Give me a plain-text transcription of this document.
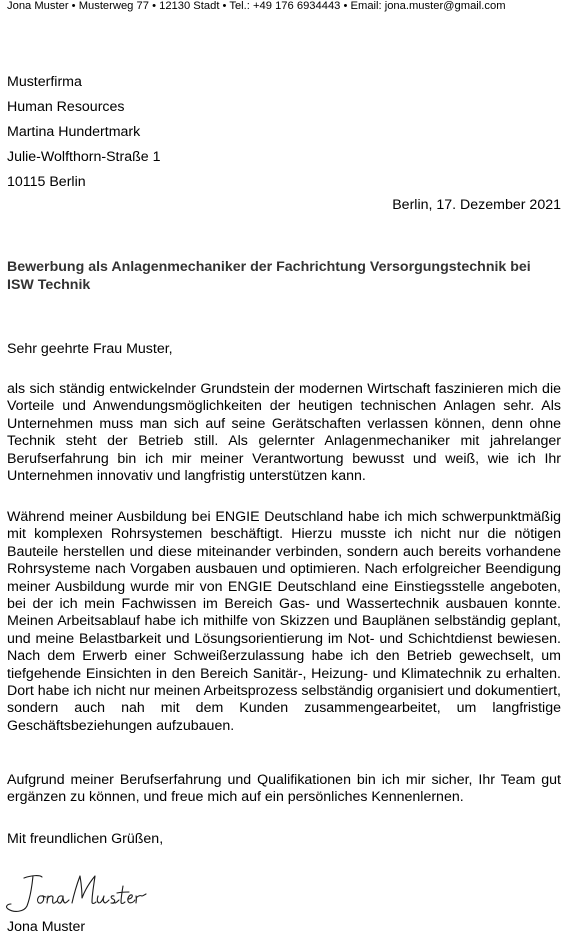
Jona Muster • Musterweg 77 • 12130 Stadt • Tel.: +49 176 6934443 • Email: jona.muster@gmail.com
Musterfirma
Human Resources
Martina Hundertmark
Julie-Wolfthorn-Straße 1
10115 Berlin
Berlin, 17. Dezember 2021
Bewerbung als Anlagenmechaniker der Fachrichtung Versorgungstechnik bei ISW Technik
Sehr geehrte Frau Muster,
als sich ständig entwickelnder Grundstein der modernen Wirtschaft faszinieren mich die Vorteile und Anwendungsmöglichkeiten der heutigen technischen Anlagen sehr. Als Unternehmen muss man sich auf seine Gerätschaften verlassen können, denn ohne Technik steht der Betrieb still. Als gelernter Anlagenmechaniker mit jahrelanger Berufserfahrung bin ich mir meiner Verantwortung bewusst und weiß, wie ich Ihr Unternehmen innovativ und langfristig unterstützen kann.
Während meiner Ausbildung bei ENGIE Deutschland habe ich mich schwerpunktmäßig mit komplexen Rohrsystemen beschäftigt. Hierzu musste ich nicht nur die nötigen Bauteile herstellen und diese miteinander verbinden, sondern auch bereits vorhandene Rohrsysteme nach Vorgaben ausbauen und optimieren. Nach erfolgreicher Beendigung meiner Ausbildung wurde mir von ENGIE Deutschland eine Einstiegsstelle angeboten, bei der ich mein Fachwissen im Bereich Gas- und Wassertechnik ausbauen konnte. Meinen Arbeitsablauf habe ich mithilfe von Skizzen und Bauplänen selbständig geplant, und meine Belastbarkeit und Lösungsorientierung im Not- und Schichtdienst bewiesen. Nach dem Erwerb einer Schweißerzulassung habe ich den Betrieb gewechselt, um tiefgehende Einsichten in den Bereich Sanitär-, Heizung- und Klimatechnik zu erhalten. Dort habe ich nicht nur meinen Arbeitsprozess selbständig organisiert und dokumentiert, sondern auch nah mit dem Kunden zusammengearbeitet, um langfristige Geschäftsbeziehungen aufzubauen.
Aufgrund meiner Berufserfahrung und Qualifikationen bin ich mir sicher, Ihr Team gut ergänzen zu können, und freue mich auf ein persönliches Kennenlernen.
Mit freundlichen Grüßen,
Jona Muster
